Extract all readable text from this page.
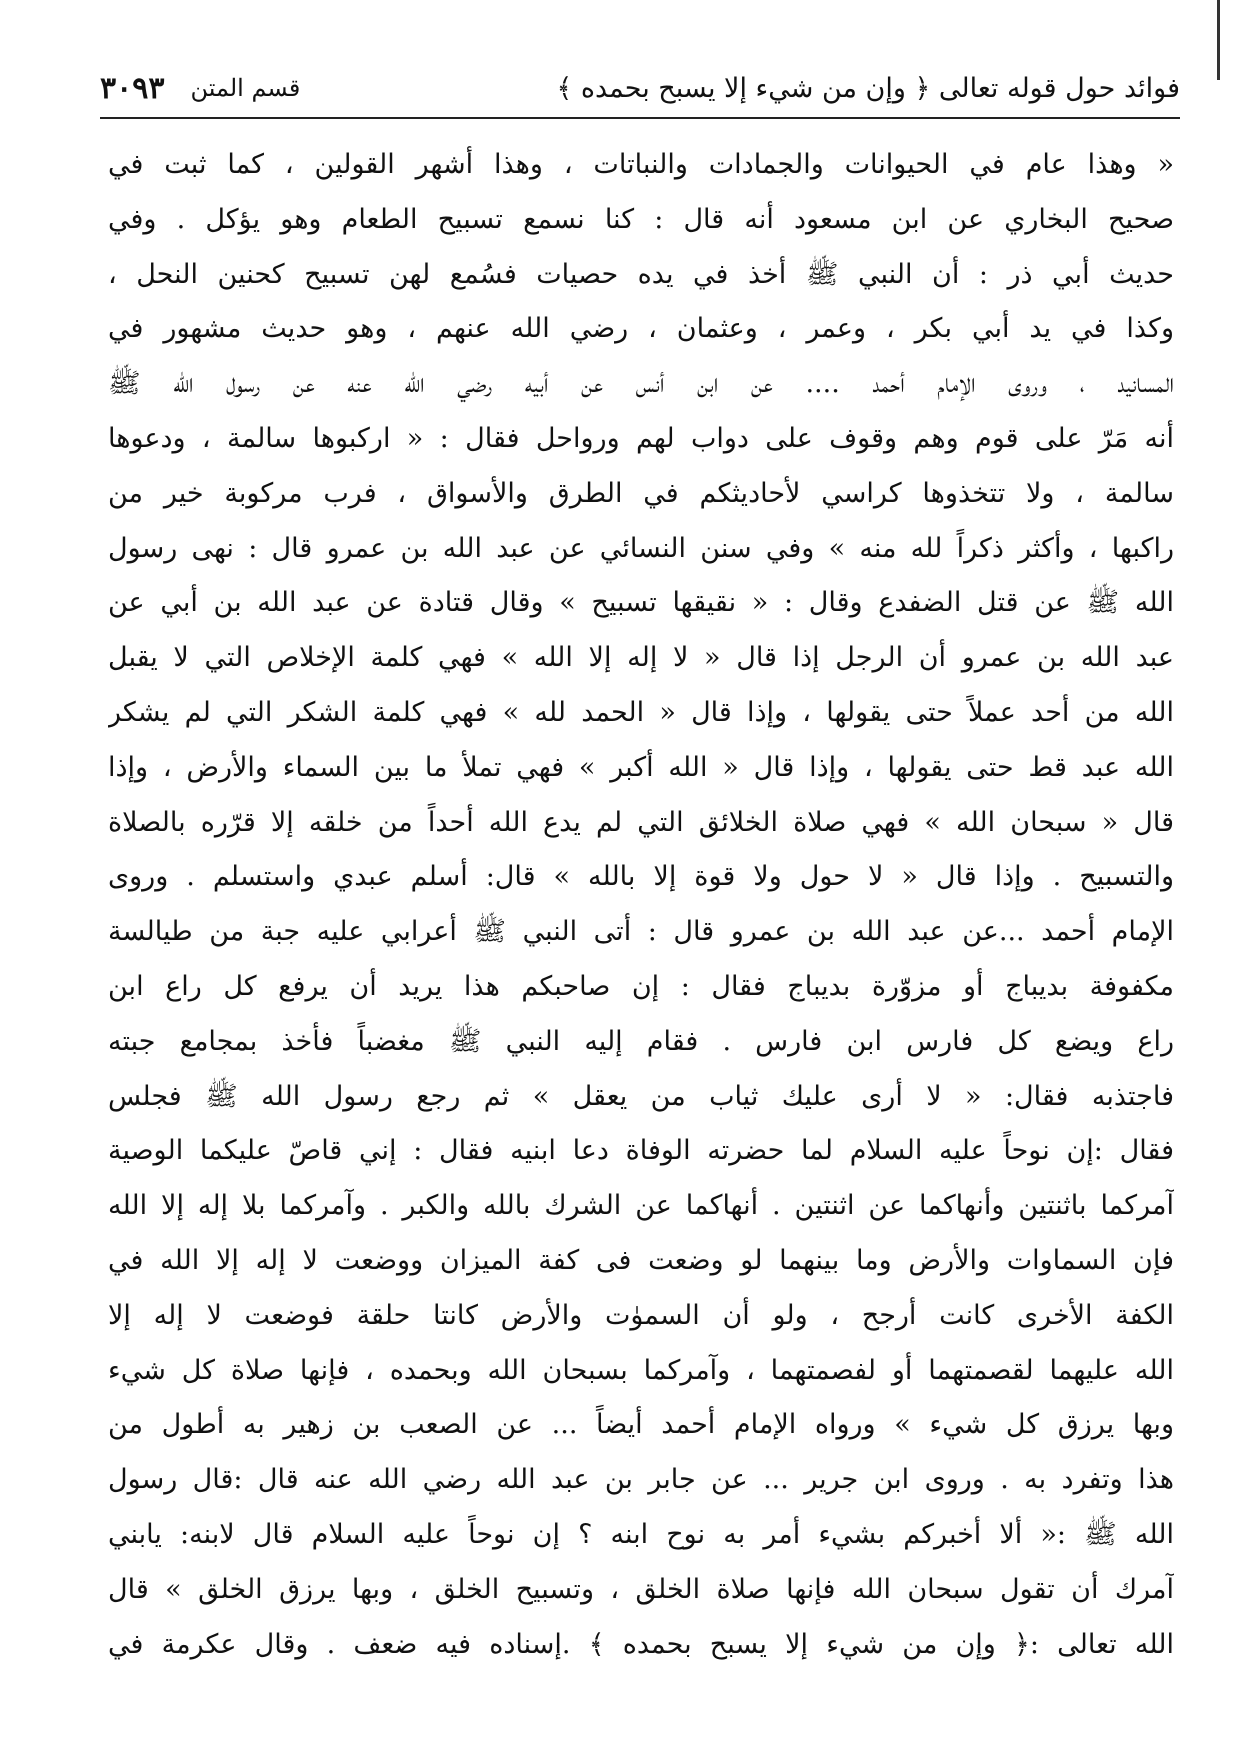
فوائد حول قوله تعالى ﴿ وإن من شيء إلا يسبح بحمده ﴾
قسم المتن
٣٠٩٣
« وهذا عام في الحيوانات والجمادات والنباتات ، وهذا أشهر القولين ، كما ثبت في
صحيح البخاري عن ابن مسعود أنه قال : كنا نسمع تسبيح الطعام وهو يؤكل . وفي
حديث أبي ذر : أن النبي ﷺ أخذ في يده حصيات فسُمع لهن تسبيح كحنين النحل ،
وكذا في يد أبي بكر ، وعمر ، وعثمان ، رضي الله عنهم ، وهو حديث مشهور في
المسانيد ، وروى الإمام أحمد .... عن ابن أنس عن أبيه رضي الله عنه عن رسول الله ﷺ
أنه مَرّ على قوم وهم وقوف على دواب لهم ورواحل فقال : « اركبوها سالمة ، ودعوها
سالمة ، ولا تتخذوها كراسي لأحاديثكم في الطرق والأسواق ، فرب مركوبة خير من
راكبها ، وأكثر ذكراً لله منه » وفي سنن النسائي عن عبد الله بن عمرو قال : نهى رسول
الله ﷺ عن قتل الضفدع وقال : « نقيقها تسبيح » وقال قتادة عن عبد الله بن أبي عن
عبد الله بن عمرو أن الرجل إذا قال « لا إله إلا الله » فهي كلمة الإخلاص التي لا يقبل
الله من أحد عملاً حتى يقولها ، وإذا قال « الحمد لله » فهي كلمة الشكر التي لم يشكر
الله عبد قط حتى يقولها ، وإذا قال « الله أكبر » فهي تملأ ما بين السماء والأرض ، وإذا
قال « سبحان الله » فهي صلاة الخلائق التي لم يدع الله أحداً من خلقه إلا قرّره بالصلاة
والتسبيح . وإذا قال « لا حول ولا قوة إلا بالله » قال: أسلم عبدي واستسلم . وروى
الإمام أحمد ...عن عبد الله بن عمرو قال : أتى النبي ﷺ أعرابي عليه جبة من طيالسة
مكفوفة بديباج أو مزوّرة بديباج فقال : إن صاحبكم هذا يريد أن يرفع كل راع ابن
راع ويضع كل فارس ابن فارس . فقام إليه النبي ﷺ مغضباً فأخذ بمجامع جبته
فاجتذبه فقال: « لا أرى عليك ثياب من يعقل » ثم رجع رسول الله ﷺ فجلس
فقال :إن نوحاً عليه السلام لما حضرته الوفاة دعا ابنيه فقال : إني قاصّ عليكما الوصية
آمركما باثنتين وأنهاكما عن اثنتين . أنهاكما عن الشرك بالله والكبر . وآمركما بلا إله إلا الله
فإن السماوات والأرض وما بينهما لو وضعت فى كفة الميزان ووضعت لا إله إلا الله في
الكفة الأخرى كانت أرجح ، ولو أن السموٰت والأرض كانتا حلقة فوضعت لا إله إلا
الله عليهما لقصمتهما أو لفصمتهما ، وآمركما بسبحان الله وبحمده ، فإنها صلاة كل شيء
وبها يرزق كل شيء » ورواه الإمام أحمد أيضاً ... عن الصعب بن زهير به أطول من
هذا وتفرد به . وروى ابن جرير ... عن جابر بن عبد الله رضي الله عنه قال :قال رسول
الله ﷺ :« ألا أخبركم بشيء أمر به نوح ابنه ؟ إن نوحاً عليه السلام قال لابنه: يابني
آمرك أن تقول سبحان الله فإنها صلاة الخلق ، وتسبيح الخلق ، وبها يرزق الخلق » قال
الله تعالى :﴿ وإن من شيء إلا يسبح بحمده ﴾ .إسناده فيه ضعف . وقال عكرمة في
